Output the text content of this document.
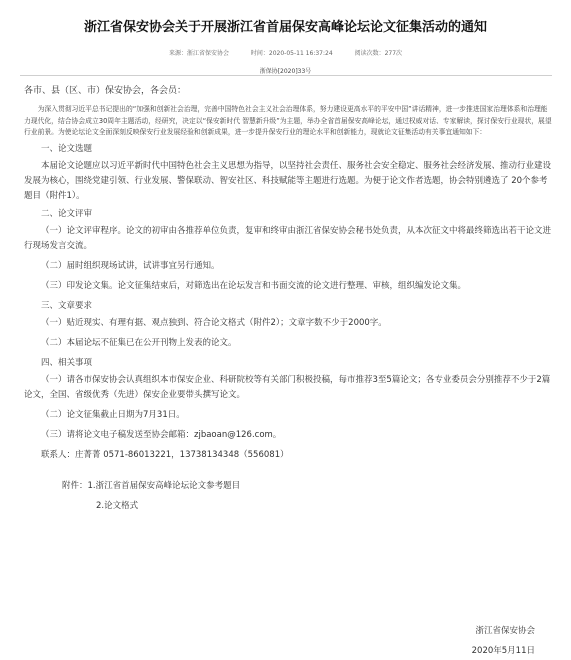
浙江省保安协会关于开展浙江省首届保安高峰论坛论文征集活动的通知
来源：浙江省保安协会	时间：2020-05-11 16:37:24	阅读次数：277次
浙保协[2020]33号

各市、县（区、市）保安协会，各会员：

为深入贯彻习近平总书记提出的“加强和创新社会治理，完善中国特色社会主义社会治理体系，努力建设更高水平的平安中国”讲话精神，进一步推进国家治理体系和治理能力现代化，结合协会成立30周年主题活动，经研究，决定以“保安新时代 智慧新升级”为主题，举办全省首届保安高峰论坛，通过权威对话、专家解读，探讨保安行业现状，展望行业前景。为使论坛论文全面深刻反映保安行业发展经验和创新成果，进一步提升保安行业的理论水平和创新能力，现就论文征集活动有关事宜通知如下：

一、论文选题

本届论文论题应以习近平新时代中国特色社会主义思想为指导，以坚持社会责任、服务社会安全稳定、服务社会经济发展、推动行业建设发展为核心，围绕党建引领、行业发展、警保联动、智安社区、科技赋能等主题进行选题。为便于论文作者选题，协会特别遴选了 20个参考题目（附件1）。

二、论文评审

（一）论文评审程序。论文的初审由各推荐单位负责，复审和终审由浙江省保安协会秘书处负责，从本次征文中将最终筛选出若干论文进行现场发言交流。

（二）届时组织现场试讲，试讲事宜另行通知。

（三）印发论文集。论文征集结束后，对筛选出在论坛发言和书面交流的论文进行整理、审核，组织编发论文集。

三、文章要求

（一）贴近现实、有理有据、观点独到、符合论文格式（附件2）；文章字数不少于2000字。

（二）本届论坛不征集已在公开刊物上发表的论文。

四、相关事项

（一）请各市保安协会认真组织本市保安企业、科研院校等有关部门积极投稿，每市推荐3至5篇论文；各专业委员会分别推荐不少于2篇论文，全国、省级优秀（先进）保安企业要带头撰写论文。

（二）论文征集截止日期为7月31日。

（三）请将论文电子稿发送至协会邮箱：zjbaoan@126.com。

联系人：庄菁菁 0571-86013221，13738134348（556081）

附件：1.浙江省首届保安高峰论坛论文参考题目

2.论文格式

浙江省保安协会
2020年5月11日
